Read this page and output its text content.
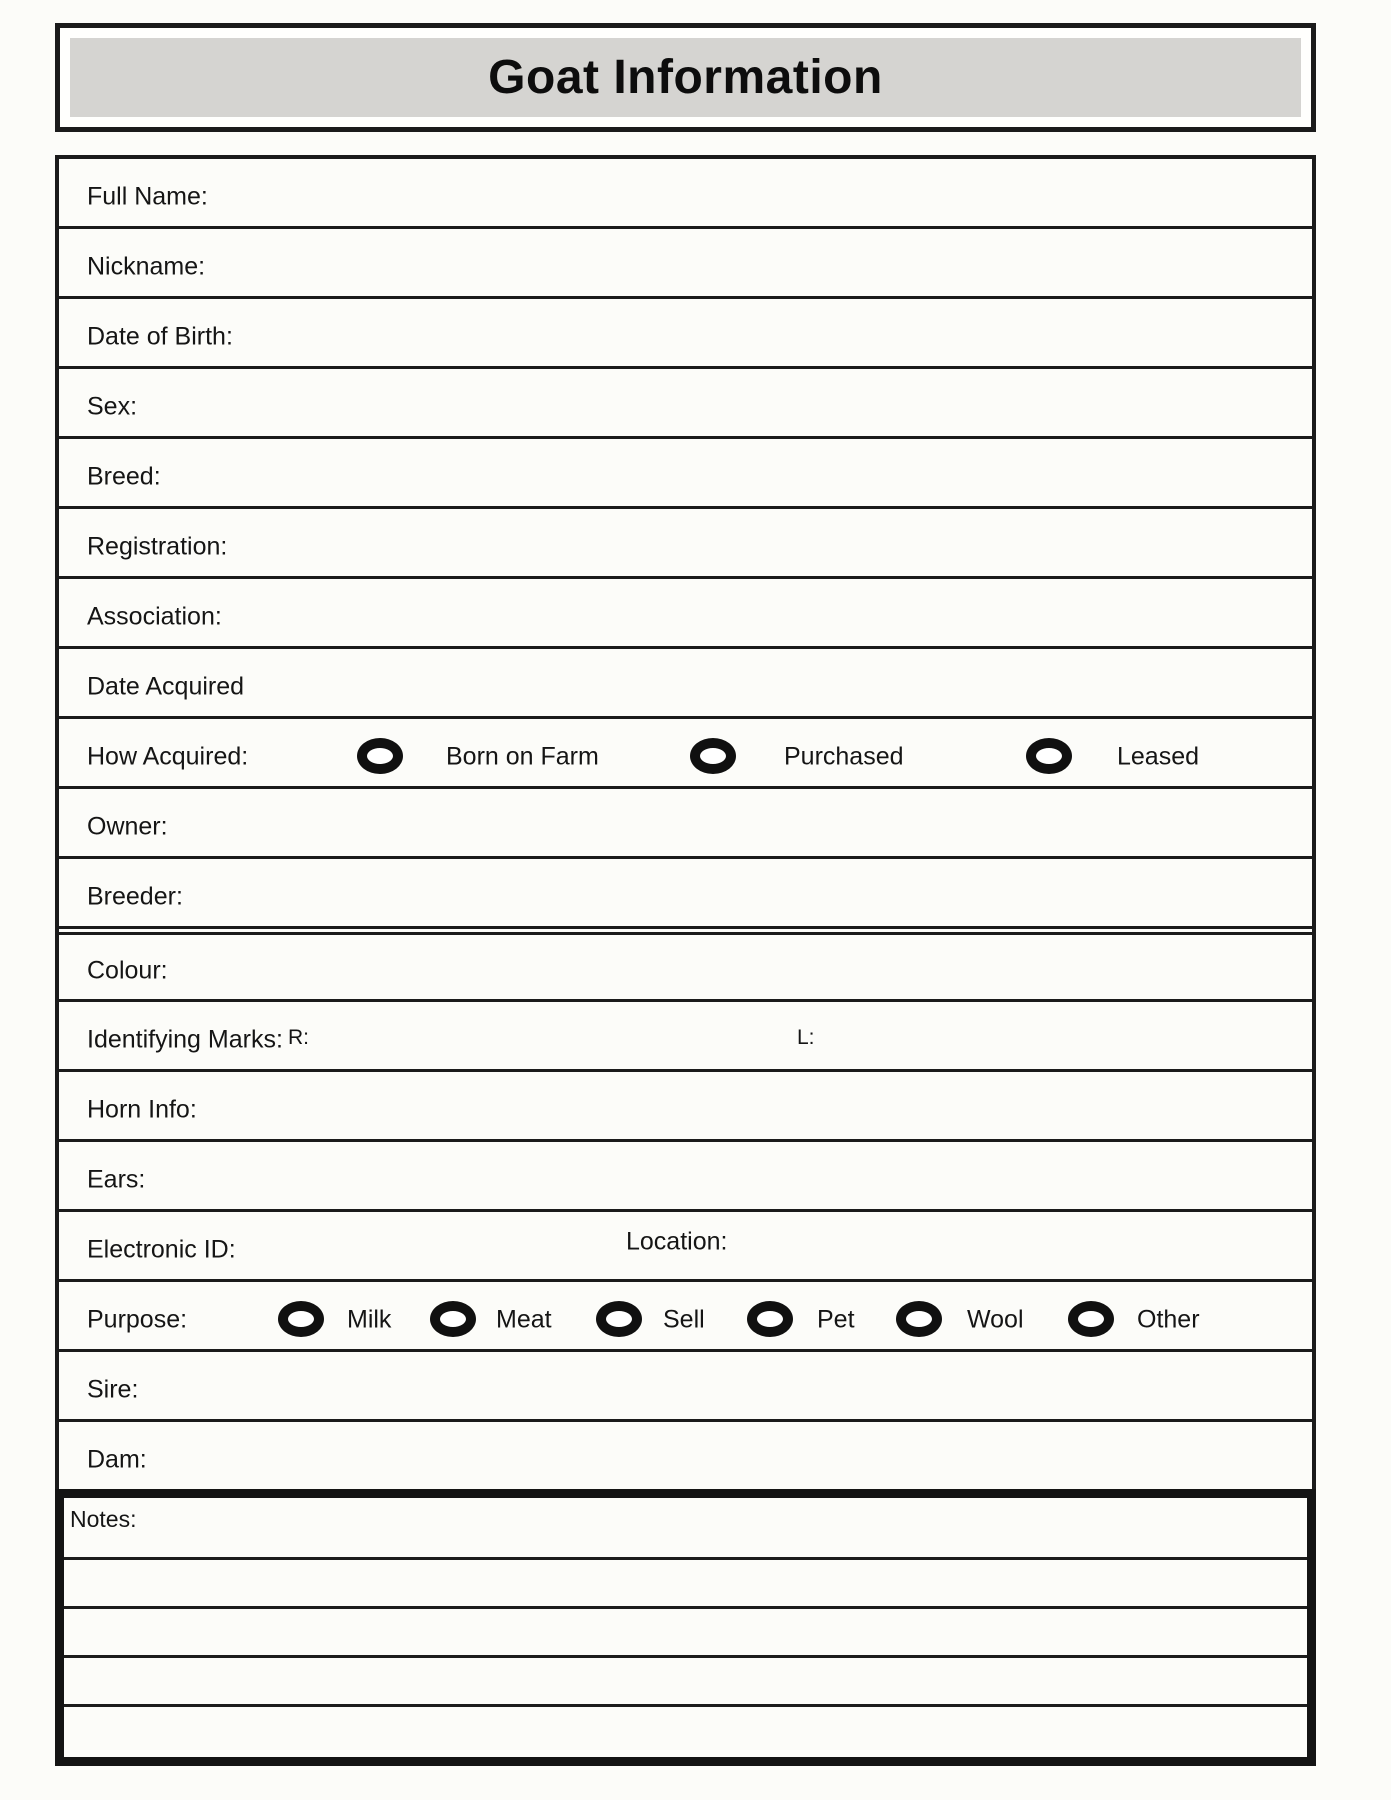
Goat Information
Full Name:
Nickname:
Date of Birth:
Sex:
Breed:
Registration:
Association:
Date Acquired
How Acquired:	Born on Farm	Purchased	Leased
Owner:
Breeder:
Colour:
Identifying Marks: R:	L:
Horn Info:
Ears:
Electronic ID:	Location:
Purpose:	Milk	Meat	Sell	Pet	Wool	Other
Sire:
Dam:
Notes:
